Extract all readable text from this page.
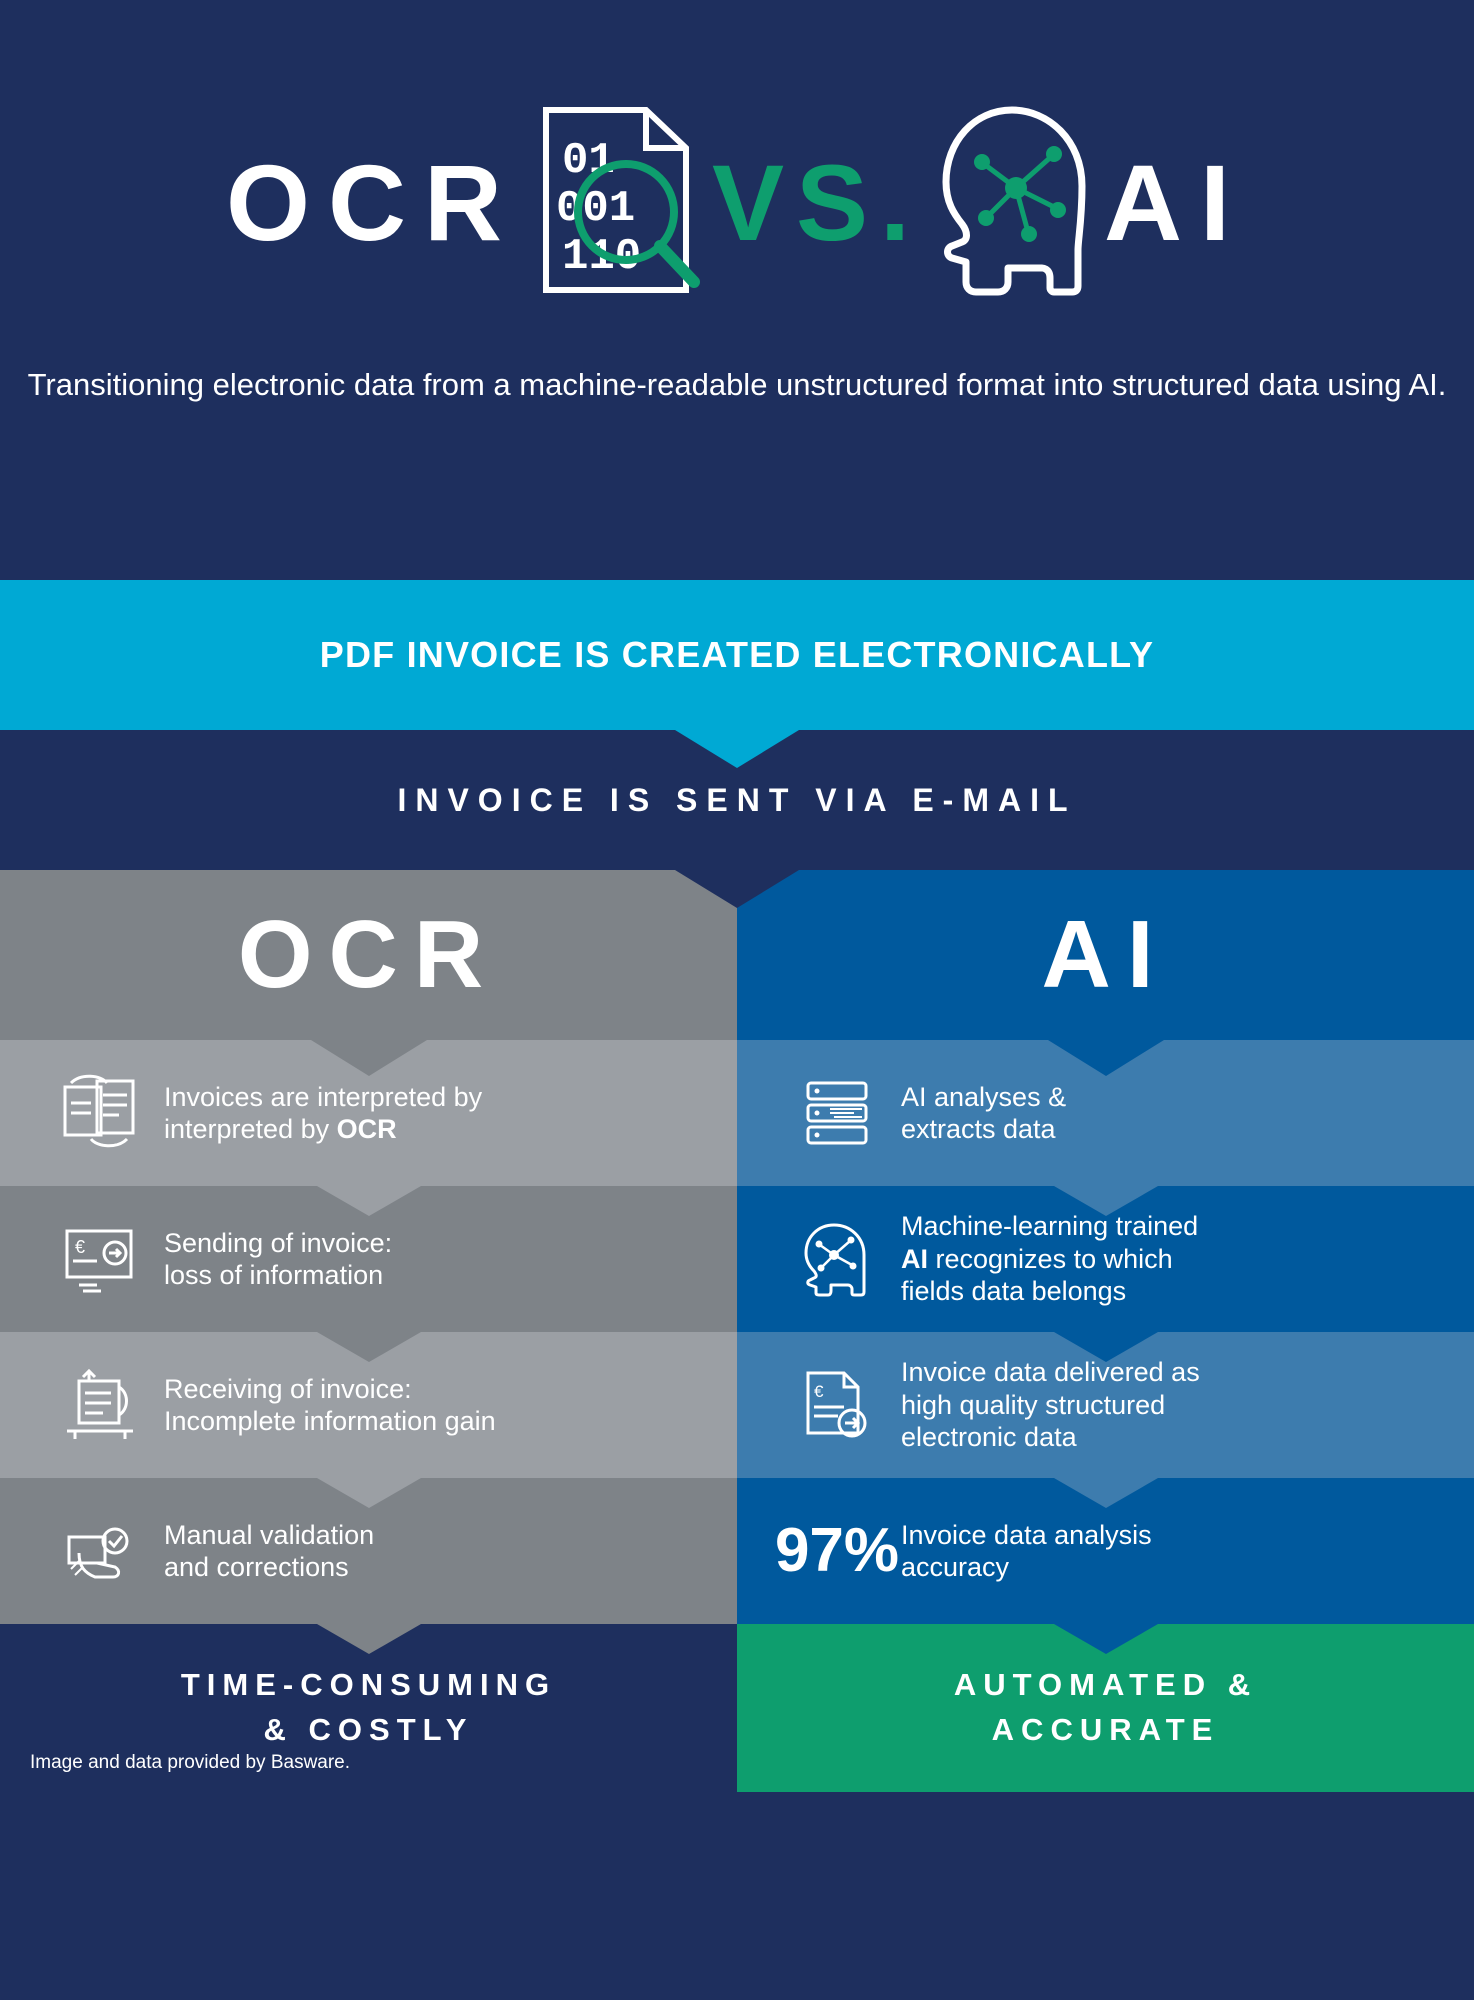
OCR 01
001
110 VS. AI
Transitioning electronic data from a machine-readable unstructured format into structured data using AI.
PDF INVOICE IS CREATED ELECTRONICALLY
INVOICE IS SENT VIA E-MAIL
OCR
Invoices are interpreted by
interpreted by OCR
€	Sending of invoice:
loss of information
Receiving of invoice:
Incomplete information gain
Manual validation
and corrections
TIME-CONSUMING
& COSTLY
AI
AI analyses &
extracts data
Machine-learning trained
AI recognizes to which
fields data belongs
€
Invoice data delivered as
high quality structured
electronic data
97 % Invoice data analysis
accuracy
AUTOMATED &
ACCURATE
Image and data provided by Basware.
